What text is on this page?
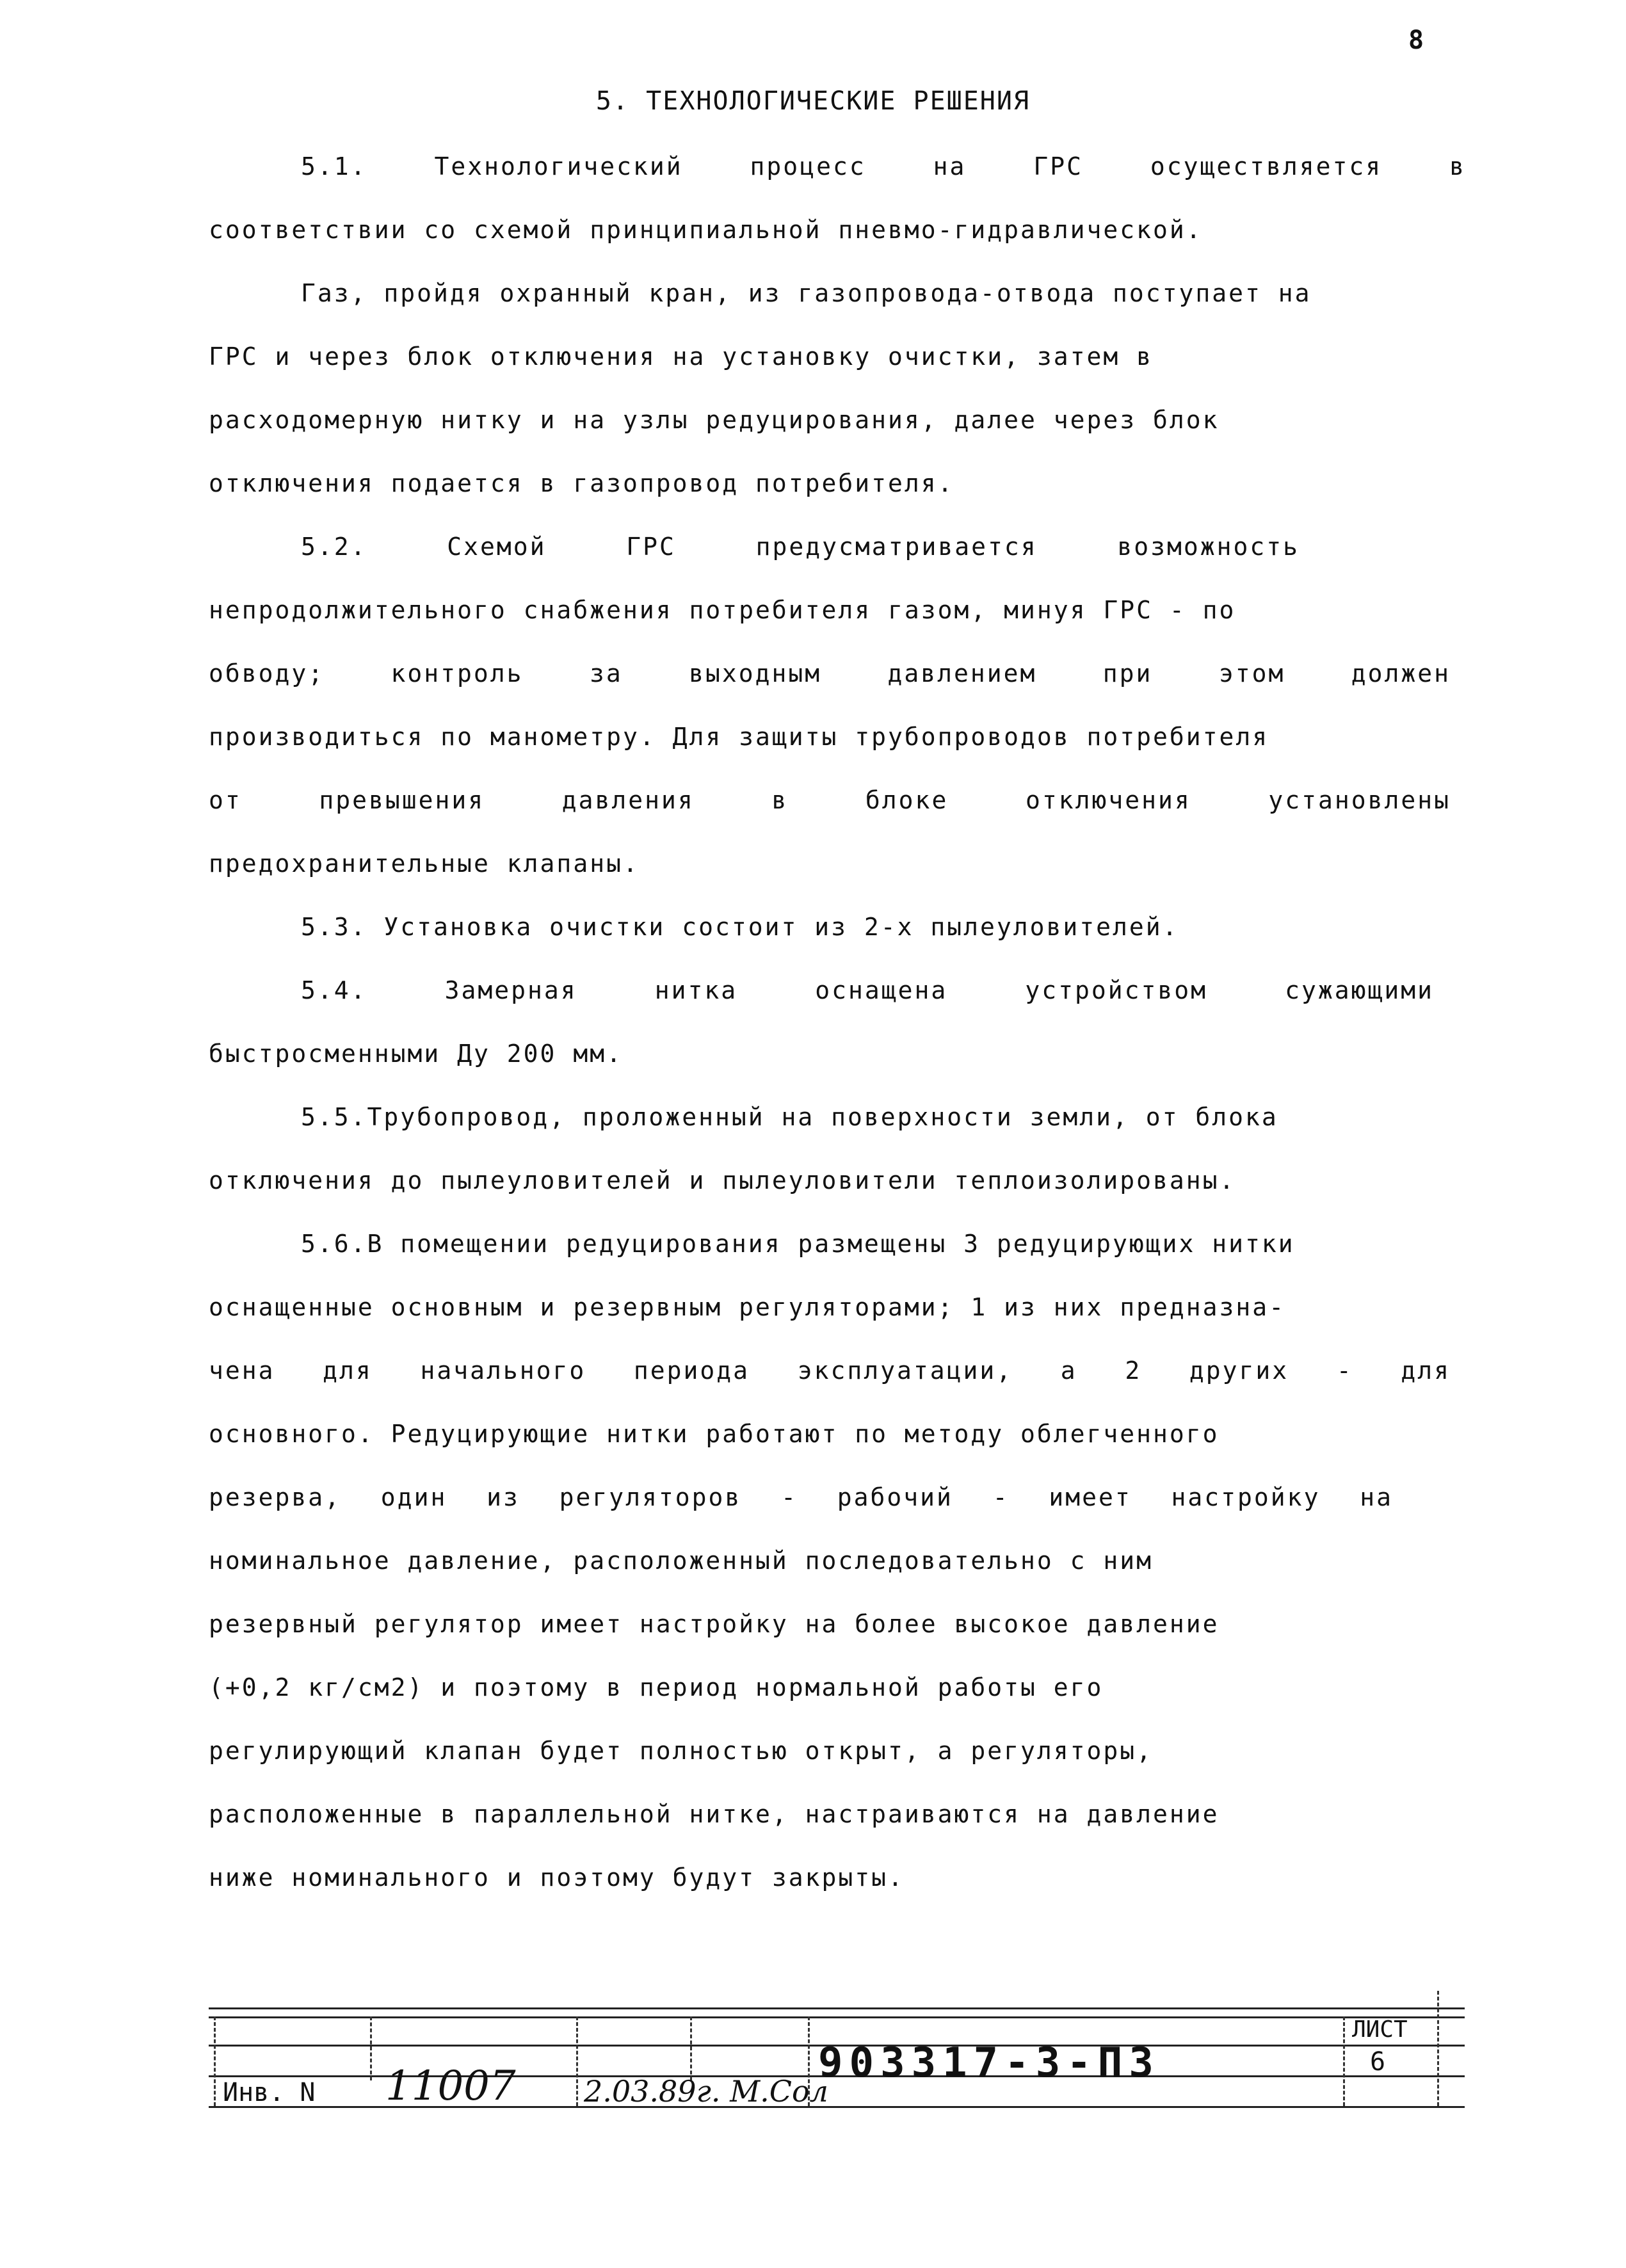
8
5. ТЕХНОЛОГИЧЕСКИЕ РЕШЕНИЯ
5.1. Технологический процесс на ГРС осуществляется в
соответствии со схемой принципиальной пневмо-гидравлической.
Газ, пройдя охранный кран, из газопровода-отвода поступает на
ГРС и через блок отключения на установку очистки, затем в
расходомерную нитку и на узлы редуцирования, далее через блок
отключения подается в газопровод потребителя.
5.2. Схемой ГРС предусматривается возможность
непродолжительного снабжения потребителя газом, минуя ГРС - по
обводу; контроль за выходным давлением при этом должен
производиться по манометру. Для защиты трубопроводов потребителя
от превышения давления в блоке отключения установлены
предохранительные клапаны.
5.3. Установка очистки состоит из 2-х пылеуловителей.
5.4. Замерная нитка оснащена устройством сужающими
быстросменными Ду 200 мм.
5.5.Трубопровод, проложенный на поверхности земли, от блока
отключения до пылеуловителей и пылеуловители теплоизолированы.
5.6.В помещении редуцирования размещены 3 редуцирующих нитки
оснащенные основным и резервным регуляторами; 1 из них предназна-
чена для начального периода эксплуатации, а 2 других - для
основного. Редуцирующие нитки работают по методу облегченного
резерва, один из регуляторов - рабочий - имеет настройку на
номинальное давление, расположенный последовательно с ним
резервный регулятор имеет настройку на более высокое давление
(+0,2 кг/см2) и поэтому в период нормальной работы его
регулирующий клапан будет полностью открыт, а регуляторы,
расположенные в параллельной нитке, настраиваются на давление
ниже номинального и поэтому будут закрыты.
ЛИСТ
6
903317-3-ПЗ
Инв. N 11007 2.03.89г. М.Сол
